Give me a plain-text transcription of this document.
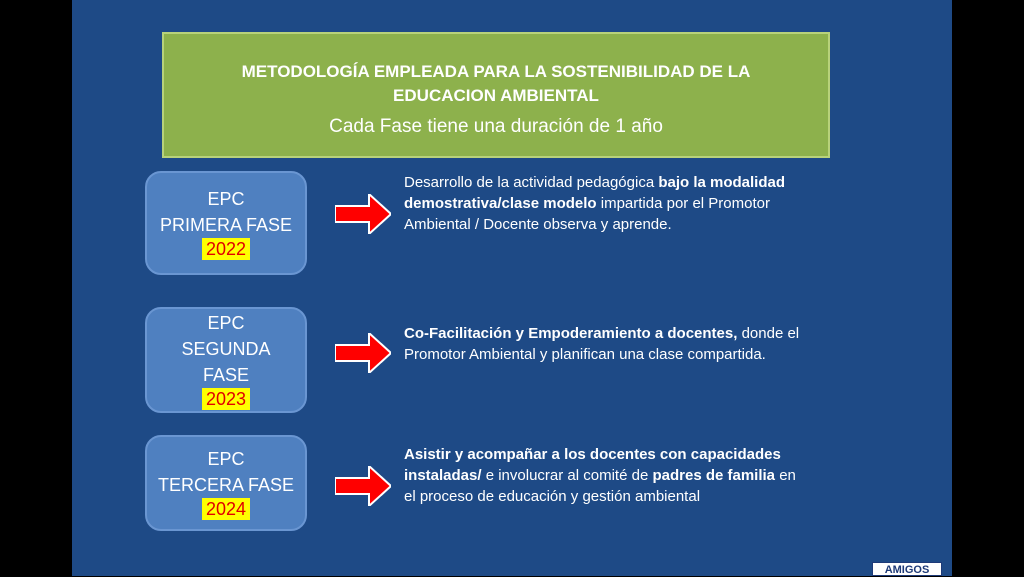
METODOLOGÍA EMPLEADA PARA LA SOSTENIBILIDAD DE LA EDUCACION AMBIENTAL
Cada Fase tiene una duración de 1 año
EPC
PRIMERA FASE
2022
Desarrollo de la actividad pedagógica bajo la modalidad demostrativa/clase modelo impartida por el Promotor Ambiental / Docente observa y aprende.
EPC
SEGUNDA FASE
2023
Co-Facilitación y Empoderamiento a docentes, donde el Promotor Ambiental y planifican una clase compartida.
EPC
TERCERA FASE
2024
Asistir y acompañar a los docentes con capacidades instaladas/ e involucrar al comité de padres de familia en el proceso de educación y gestión ambiental
AMIGOS
